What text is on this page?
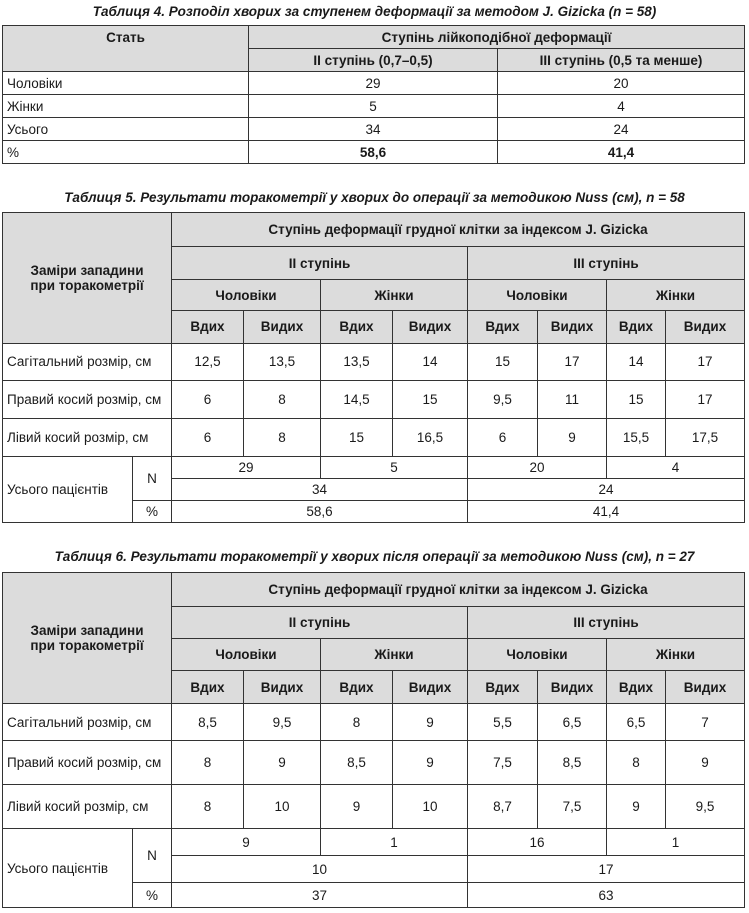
Таблиця 4. Розподіл хворих за ступенем деформації за методом J. Gizicka (n = 58)
Стать	Ступінь лійкоподібної деформації	
	II ступінь (0,7–0,5)	III ступінь (0,5 та менше)
Чоловіки	29	20
Жінки	5	4
Усього	34	24
%	58,6	41,4
Таблиця 5. Результати торакометрії у хворих до операції за методикою Nuss (см), n = 58
Заміри западини при торакометрії		Ступінь деформації грудної клітки за індексом J. Gizicka							
		II ступінь				III ступінь			
		Чоловіки		Жінки		Чоловіки		Жінки	
		Вдих	Видих	Вдих	Видих	Вдих	Видих	Вдих	Видих
Сагітальний розмір, см		12,5	13,5	13,5	14	15	17	14	17
Правий косий розмір, см		6	8	14,5	15	9,5	11	15	17
Лівий косий розмір, см		6	8	15	16,5	6	9	15,5	17,5
Усього пацієнтів	N	29		5		20		4	
		34				24			
	%	58,6				41,4			
Таблиця 6. Результати торакометрії у хворих після операції за методикою Nuss (см), n = 27
Заміри западини при торакометрії		Ступінь деформації грудної клітки за індексом J. Gizicka							
		II ступінь				III ступінь			
		Чоловіки		Жінки		Чоловіки		Жінки	
		Вдих	Видих	Вдих	Видих	Вдих	Видих	Вдих	Видих
Сагітальний розмір, см		8,5	9,5	8	9	5,5	6,5	6,5	7
Правий косий розмір, см		8	9	8,5	9	7,5	8,5	8	9
Лівий косий розмір, см		8	10	9	10	8,7	7,5	9	9,5
Усього пацієнтів	N	9		1		16		1	
		10				17			
	%	37				63			
